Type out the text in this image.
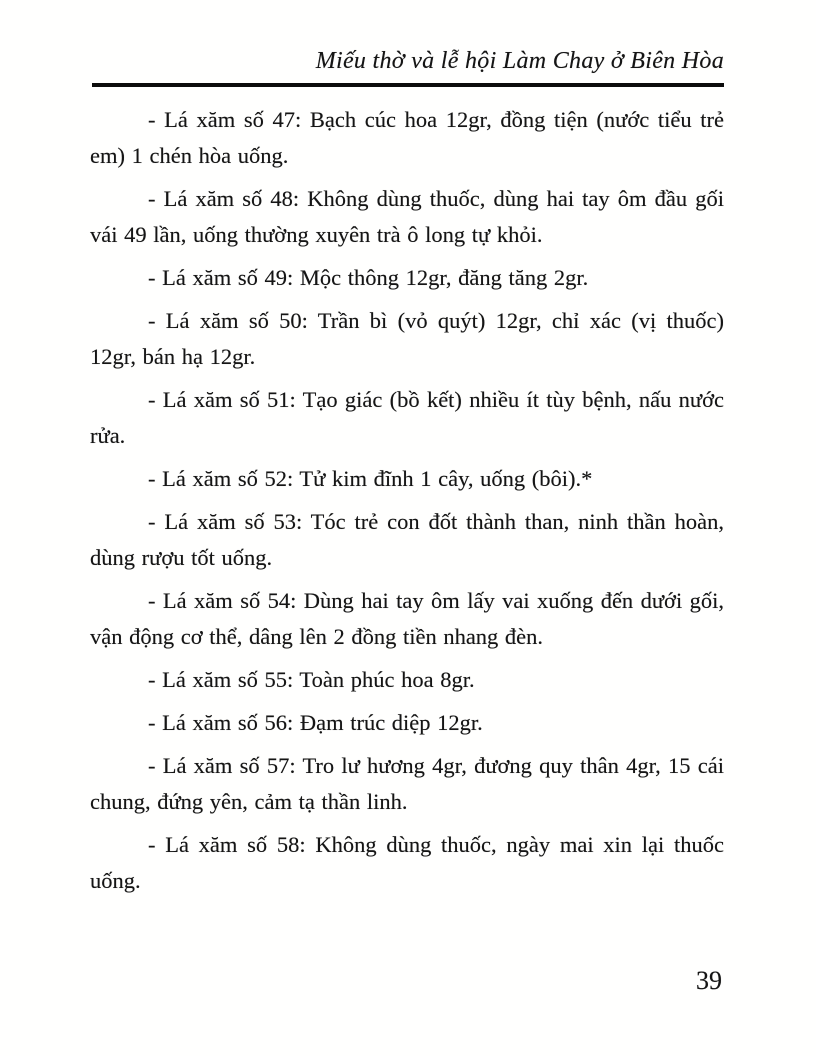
Miếu thờ và lễ hội Làm Chay ở Biên Hòa

- Lá xăm số 47: Bạch cúc hoa 12gr, đồng tiện (nước tiểu trẻ em) 1 chén hòa uống.

- Lá xăm số 48: Không dùng thuốc, dùng hai tay ôm đầu gối vái 49 lần, uống thường xuyên trà ô long tự khỏi.

- Lá xăm số 49: Mộc thông 12gr, đăng tăng 2gr.

- Lá xăm số 50: Trần bì (vỏ quýt) 12gr, chỉ xác (vị thuốc) 12gr, bán hạ 12gr.

- Lá xăm số 51: Tạo giác (bồ kết) nhiều ít tùy bệnh, nấu nước rửa.

- Lá xăm số 52: Tử kim đĩnh 1 cây, uống (bôi).*

- Lá xăm số 53: Tóc trẻ con đốt thành than, ninh thần hoàn, dùng rượu tốt uống.

- Lá xăm số 54: Dùng hai tay ôm lấy vai xuống đến dưới gối, vận động cơ thể, dâng lên 2 đồng tiền nhang đèn.

- Lá xăm số 55: Toàn phúc hoa 8gr.

- Lá xăm số 56: Đạm trúc diệp 12gr.

- Lá xăm số 57: Tro lư hương 4gr, đương quy thân 4gr, 15 cái chung, đứng yên, cảm tạ thần linh.

- Lá xăm số 58: Không dùng thuốc, ngày mai xin lại thuốc uống.

39
